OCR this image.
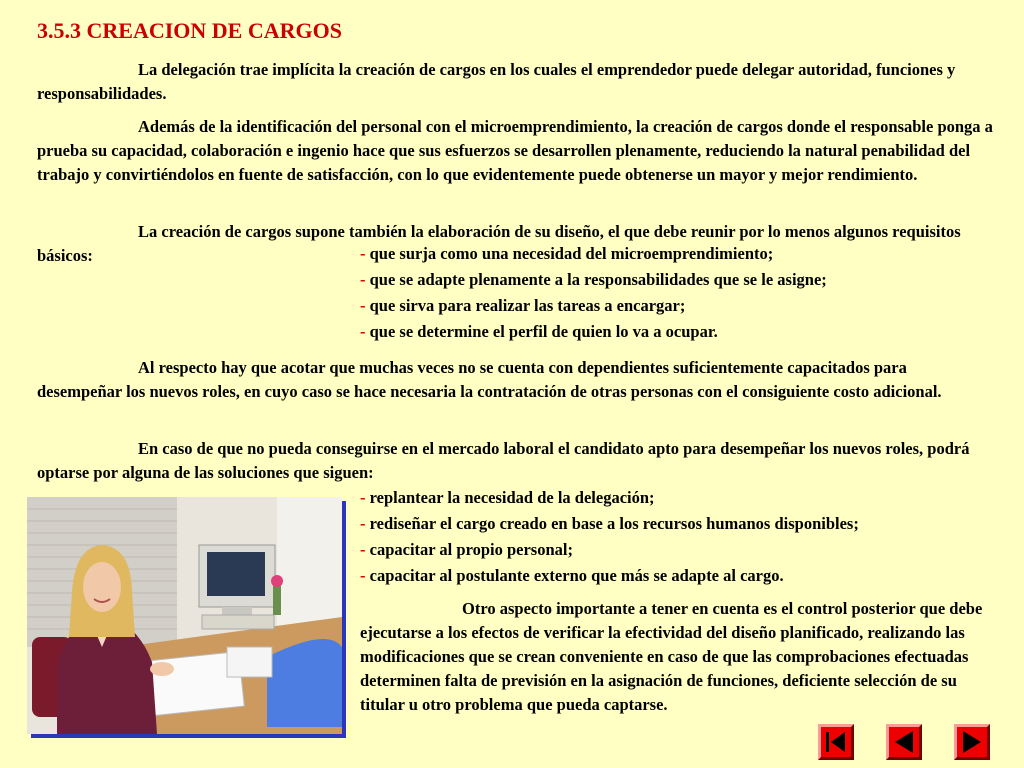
3.5.3 CREACION DE CARGOS

La delegación trae implícita la creación de cargos en los cuales el emprendedor puede delegar autoridad, funciones y responsabilidades.

Además de la identificación del personal con el microemprendimiento, la creación de cargos donde el responsable ponga a prueba su capacidad, colaboración e ingenio hace que sus esfuerzos se desarrollen plenamente, reduciendo la natural penabilidad del trabajo y convirtiéndolos en fuente de satisfacción, con lo que evidentemente puede obtenerse un mayor y mejor rendimiento.

La creación de cargos supone también la elaboración de su diseño, el que debe reunir por lo menos algunos requisitos básicos:	- que surja como una necesidad del microemprendimiento;

- que se adapte plenamente a la responsabilidades que se le asigne;

- que sirva para realizar las tareas a encargar;

- que se determine el perfil de quien lo va a ocupar.

Al respecto hay que acotar que muchas veces no se cuenta con dependientes suficientemente capacitados para desempeñar los nuevos roles, en cuyo caso se hace necesaria la contratación de otras personas con el consiguiente costo adicional.

En caso de que no pueda conseguirse en el mercado laboral el candidato apto para desempeñar los nuevos roles, podrá optarse por alguna de las soluciones que siguen:

- replantear la necesidad de la delegación;

- rediseñar el cargo creado en base a los recursos humanos disponibles;

- capacitar al propio personal;

- capacitar al postulante externo que más se adapte al cargo.

Otro aspecto importante a tener en cuenta es el control posterior que debe ejecutarse a los efectos de verificar la efectividad del diseño planificado, realizando las modificaciones que se crean conveniente en caso de que las comprobaciones efectuadas determinen falta de previsión en la asignación de funciones, deficiente selección de su titular u otro problema que pueda captarse.
